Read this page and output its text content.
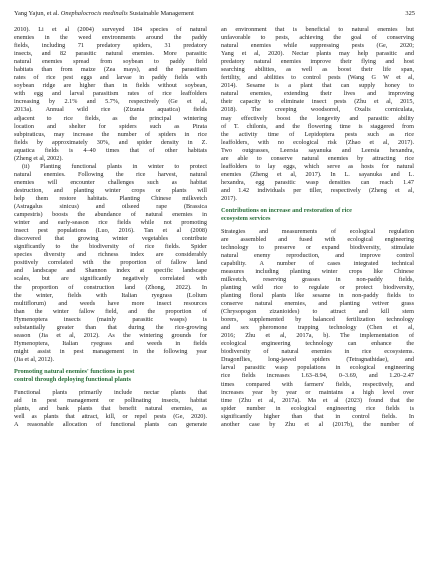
Yang Yajun, et al. Onephalocrocis medinalis Sustainable Management	325
2010). Li et al (2004) surveyed 184 species of natural
enemies in the weed environments around the paddy
fields, including 71 predatory spiders, 31 predatory
insects, and 82 parasitic natural enemies. More parasitic
natural enemies spread from soybean to paddy field
habitats than from maize (Zea mays), and the parasitism
rates of rice pest eggs and larvae in paddy fields with
soybean ridge are higher than in fields without soybean,
with egg and larval parasitism rates of rice leaffolders
increasing by 2.1% and 5.7%, respectively (Ge et al,
2013a). Annual wild rice (Zizania aquatica) fields
adjacent to rice fields, as the principal wintering
location and shelter for spiders such as Pirata
subpiraticus, may increase the number of spiders in rice
fields by approximately 30%, and spider density in Z.
aquatica fields is 4–40 times that of other habitats
(Zheng et al, 2002).
(ii) Planting functional plants in winter to protect
natural enemies. Following the rice harvest, natural
enemies will encounter challenges such as habitat
destruction, and planting winter crops or plants will
help them restore habitats. Planting Chinese milkvetch
(Astragalus sinicus) and oilseed rape (Brassica
campestris) boosts the abundance of natural enemies in
winter and early-season rice fields while not promoting
insect pest populations (Luo, 2016). Tan et al (2008)
discovered that growing winter vegetables contribute
significantly to the biodiversity of rice fields. Spider
species diversity and richness index are considerably
positively correlated with the proportion of fallow land
and landscape and Shannon index at specific landscape
scales, but are significantly negatively correlated with
the proportion of construction land (Zhong, 2022). In
the winter, fields with Italian ryegrass (Lolium
multiflorum) and weeds have more insect resources
than the winter fallow field, and the proportion of
Hymenoptera insects (mainly parasitic wasps) is
substantially greater than that during the rice-growing
season (Jia et al, 2012). As the wintering grounds for
Hymenoptera, Italian ryegrass and weeds in fields
might assist in pest management in the following year
(Jia et al, 2012).
Promoting natural enemies' functions in pest
control through deploying functional plants
Functional plants primarily include nectar plants that
aid in pest management or pollinating insects, habitat
plants, and bank plants that benefit natural enemies, as
well as plants that attract, kill, or repel pests (Ge, 2020).
A reasonable allocation of functional plants can generate
an environment that is beneficial to natural enemies but
unfavorable to pests, achieving the goal of conserving
natural enemies while suppressing pests (Ge, 2020;
Yang et al, 2020). Nectar plants may help parasitic and
predatory natural enemies improve their flying and host
searching abilities, as well as boost their life span,
fertility, and abilities to control pests (Wang G W et al,
2014). Sesame is a plant that can supply honey to
natural enemies, extending their lives and improving
their capacity to eliminate insect pests (Zhu et al, 2015,
2018). The creeping woodsorrel, Oxalis corniculata,
may effectively boost the longevity and parasitic ability
of T. chilonis, and the flowering time is staggered from
the activity time of Lepidoptera pests such as rice
leaffolders, with no ecological risk (Zhao et al, 2017).
Two outgrasses, Leersia sayanuka and Leersia hexandra,
are able to conserve natural enemies by attracting rice
leaffolders to lay eggs, which serve as hosts for natural
enemies (Zheng et al, 2017). In L. sayanuka and L.
hexandra, egg parasitic wasp densities can reach 1.47
and 1.42 individuals per tiller, respectively (Zheng et al,
2017).
Contributions on increase and restoration of rice
ecosystem services
Strategies and measurements of ecological regulation
are assembled and fused with ecological engineering
technology to preserve or expand biodiversity, stimulate
natural enemy reproduction, and improve control
capability. A number of cases integrated technical
measures including planting winter crops like Chinese
milkvetch, reserving grasses in non-paddy fields,
planting wild rice to regulate or protect biodiversity,
planting floral plants like sesame in non-paddy fields to
conserve natural enemies, and planting vetiver grass
(Chrysopogon zizanioides) to attract and kill stem
borers, supplemented by balanced fertilization technology
and sex pheromone trapping technology (Chen et al,
2016; Zhu et al, 2017a, b). The implementation of
ecological engineering technology can enhance the
biodiversity of natural enemies in rice ecosystems.
Dragonflies, long-jawed spiders (Tetragnathidae), and
larval parasitic wasp populations in ecological engineering
rice fields increases 1.63–8.94, 0–3.69, and 1.20–2.47
times compared with farmers' fields, respectively, and
increases year by year or maintains a high level over
time (Zhu et al, 2017a). Ma et al (2023) found that the
spider number in ecological engineering rice fields is
significantly higher than that in control fields. In
another case by Zhu et al (2017b), the number of
